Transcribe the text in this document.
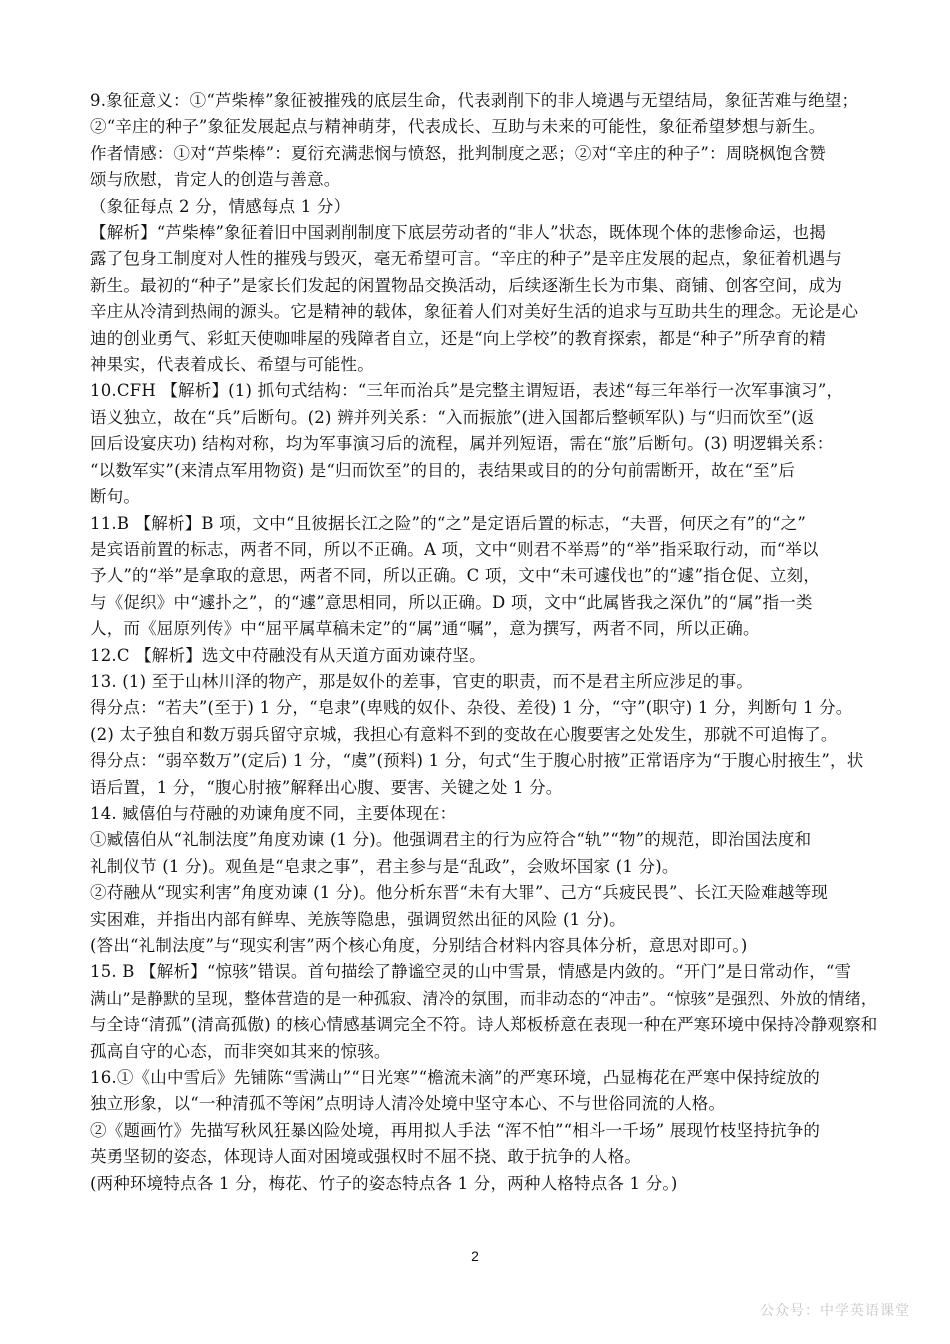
9.象征意义：①“芦柴棒”象征被摧残的底层生命，代表剥削下的非人境遇与无望结局，象征苦难与绝望；
②“辛庄的种子”象征发展起点与精神萌芽，代表成长、互助与未来的可能性，象征希望梦想与新生。
作者情感：①对“芦柴棒”：夏衍充满悲悯与愤怒，批判制度之恶；②对“辛庄的种子”：周晓枫饱含赞
颂与欣慰，肯定人的创造与善意。
（象征每点 2 分，情感每点 1 分）
【解析】“芦柴棒”象征着旧中国剥削制度下底层劳动者的“非人”状态，既体现个体的悲惨命运，也揭
露了包身工制度对人性的摧残与毁灭，毫无希望可言。“辛庄的种子”是辛庄发展的起点，象征着机遇与
新生。最初的“种子”是家长们发起的闲置物品交换活动，后续逐渐生长为市集、商铺、创客空间，成为
辛庄从冷清到热闹的源头。它是精神的载体，象征着人们对美好生活的追求与互助共生的理念。无论是心
迪的创业勇气、彩虹天使咖啡屋的残障者自立，还是“向上学校”的教育探索，都是“种子”所孕育的精
神果实，代表着成长、希望与可能性。
10.CFH 【解析】(1) 抓句式结构：“三年而治兵”是完整主谓短语，表述“每三年举行一次军事演习”，
语义独立，故在“兵”后断句。(2) 辨并列关系：“入而振旅”(进入国都后整顿军队) 与“归而饮至”(返
回后设宴庆功) 结构对称，均为军事演习后的流程，属并列短语，需在“旅”后断句。(3) 明逻辑关系：
“以数军实”(来清点军用物资) 是“归而饮至”的目的，表结果或目的的分句前需断开，故在“至”后
断句。
11.B 【解析】B 项，文中“且彼据长江之险”的“之”是定语后置的标志，“夫晋，何厌之有”的“之”
是宾语前置的标志，两者不同，所以不正确。A 项，文中“则君不举焉”的“举”指采取行动，而“举以
予人”的“举”是拿取的意思，两者不同，所以正确。C 项，文中“未可遽伐也”的“遽”指仓促、立刻，
与《促织》中“遽扑之”，的“遽”意思相同，所以正确。D 项，文中“此属皆我之深仇”的“属”指一类
人，而《屈原列传》中“屈平属草稿未定”的“属”通“嘱”，意为撰写，两者不同，所以正确。
12.C 【解析】选文中苻融没有从天道方面劝谏苻坚。
13. (1) 至于山林川泽的物产，那是奴仆的差事，官吏的职责，而不是君主所应涉足的事。
得分点：“若夫”(至于) 1 分，“皂隶”(卑贱的奴仆、杂役、差役) 1 分，“守”(职守) 1 分，判断句 1 分。
(2) 太子独自和数万弱兵留守京城，我担心有意料不到的变故在心腹要害之处发生，那就不可追悔了。
得分点：“弱卒数万”(定后) 1 分，“虞”(预料) 1 分，句式“生于腹心肘掖”正常语序为“于腹心肘掖生”，状
语后置，1 分，“腹心肘掖”解释出心腹、要害、关键之处 1 分。
14. 臧僖伯与苻融的劝谏角度不同，主要体现在：
①臧僖伯从“礼制法度”角度劝谏 (1 分)。他强调君主的行为应符合“轨”“物”的规范，即治国法度和
礼制仪节 (1 分)。观鱼是“皂隶之事”，君主参与是“乱政”，会败坏国家 (1 分)。
②苻融从“现实利害”角度劝谏 (1 分)。他分析东晋“未有大罪”、己方“兵疲民畏”、长江天险难越等现
实困难，并指出内部有鲜卑、羌族等隐患，强调贸然出征的风险 (1 分)。
(答出“礼制法度”与“现实利害”两个核心角度，分别结合材料内容具体分析，意思对即可。)
15. B 【解析】“惊骇”错误。首句描绘了静谧空灵的山中雪景，情感是内敛的。“开门”是日常动作，“雪
满山”是静默的呈现，整体营造的是一种孤寂、清冷的氛围，而非动态的“冲击”。“惊骇”是强烈、外放的情绪，
与全诗“清孤”(清高孤傲) 的核心情感基调完全不符。诗人郑板桥意在表现一种在严寒环境中保持冷静观察和
孤高自守的心态，而非突如其来的惊骇。
16.①《山中雪后》先铺陈“雪满山”“日光寒”“檐流未滴”的严寒环境，凸显梅花在严寒中保持绽放的
独立形象，以“一种清孤不等闲”点明诗人清冷处境中坚守本心、不与世俗同流的人格。
②《题画竹》先描写秋风狂暴凶险处境，再用拟人手法 “浑不怕”“相斗一千场” 展现竹枝坚持抗争的
英勇坚韧的姿态，体现诗人面对困境或强权时不屈不挠、敢于抗争的人格。
(两种环境特点各 1 分，梅花、竹子的姿态特点各 1 分，两种人格特点各 1 分。)
2
公众号：中学英语课堂
